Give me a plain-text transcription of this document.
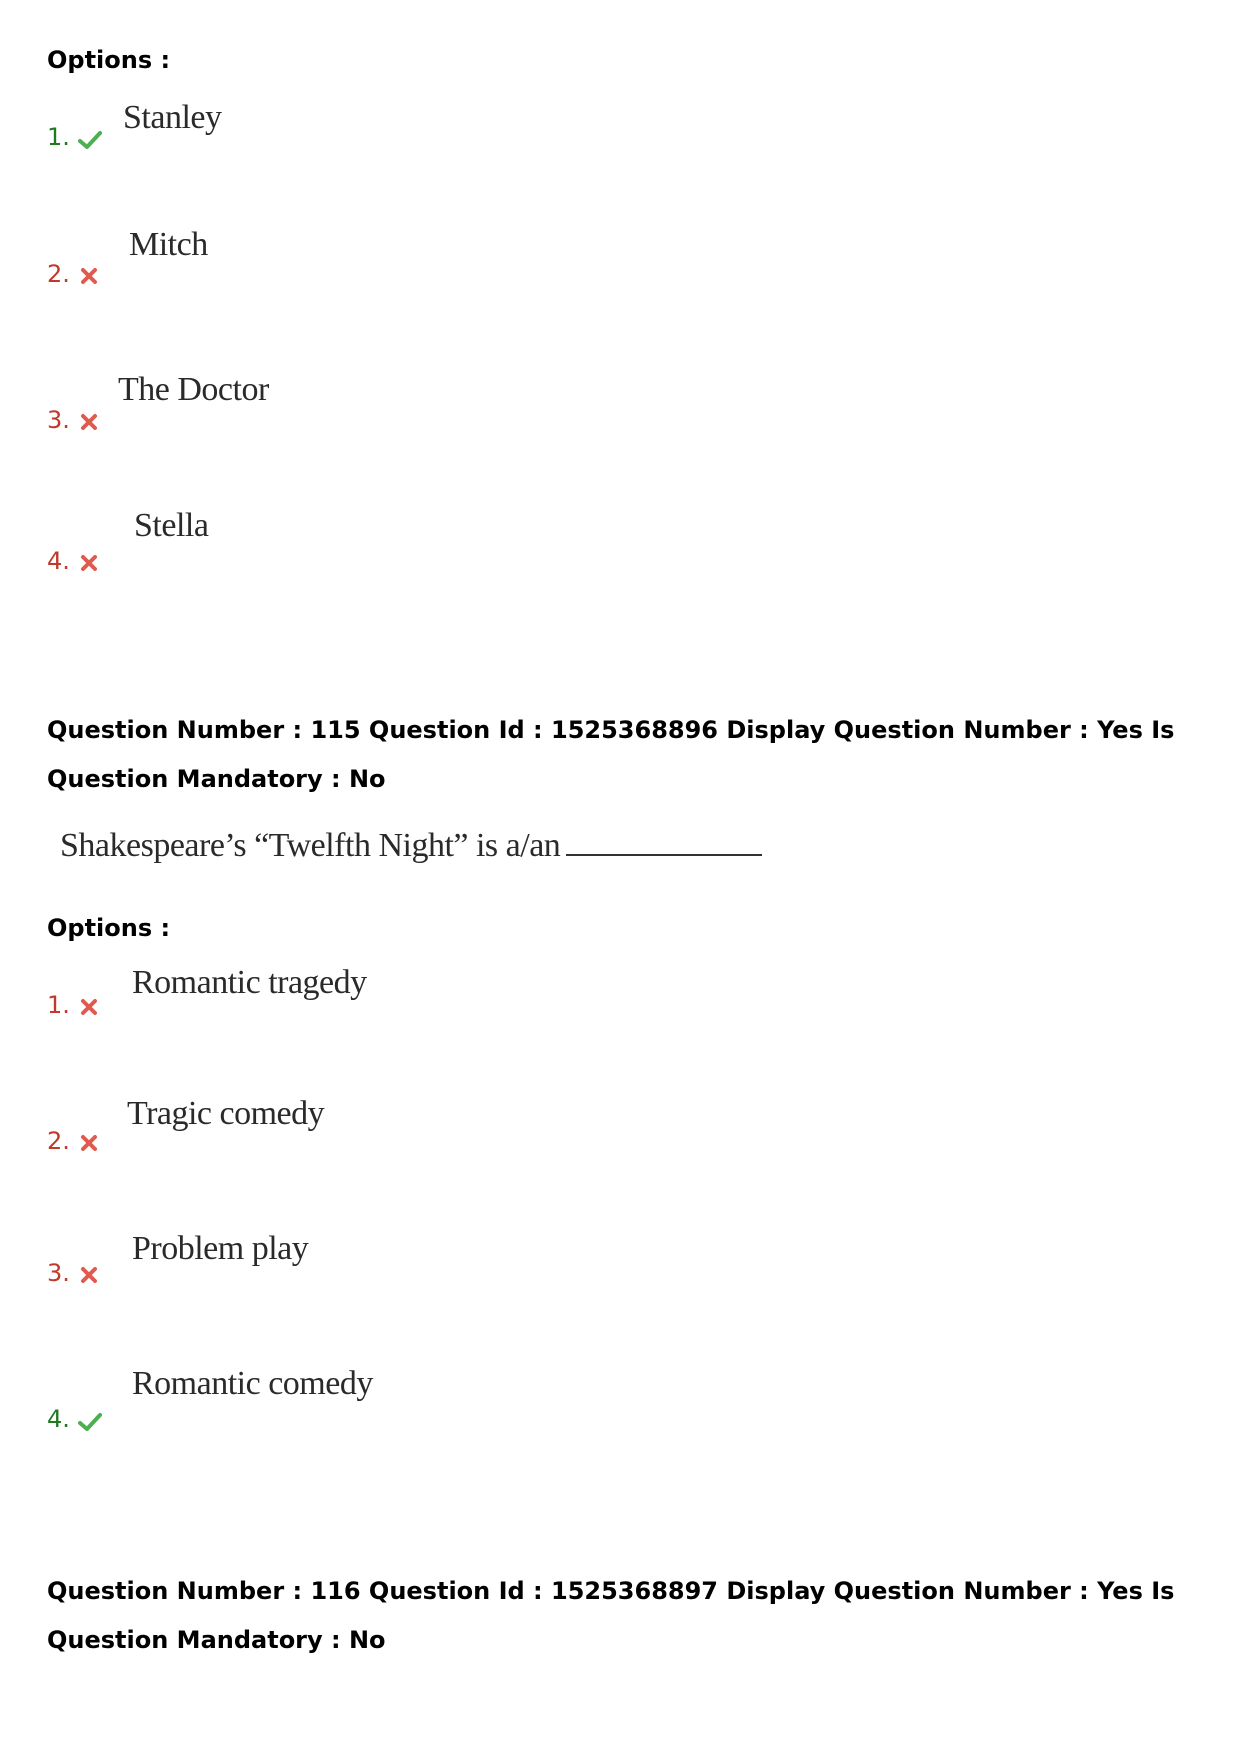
Options :
1.
Stanley
2.
Mitch
3.
The Doctor
4.
Stella
Question Number : 115 Question Id : 1525368896 Display Question Number : Yes Is Question Mandatory : No
Shakespeare’s “Twelfth Night” is a/an
Options :
1.
Romantic tragedy
2.
Tragic comedy
3.
Problem play
4.
Romantic comedy
Question Number : 116 Question Id : 1525368897 Display Question Number : Yes Is Question Mandatory : No
